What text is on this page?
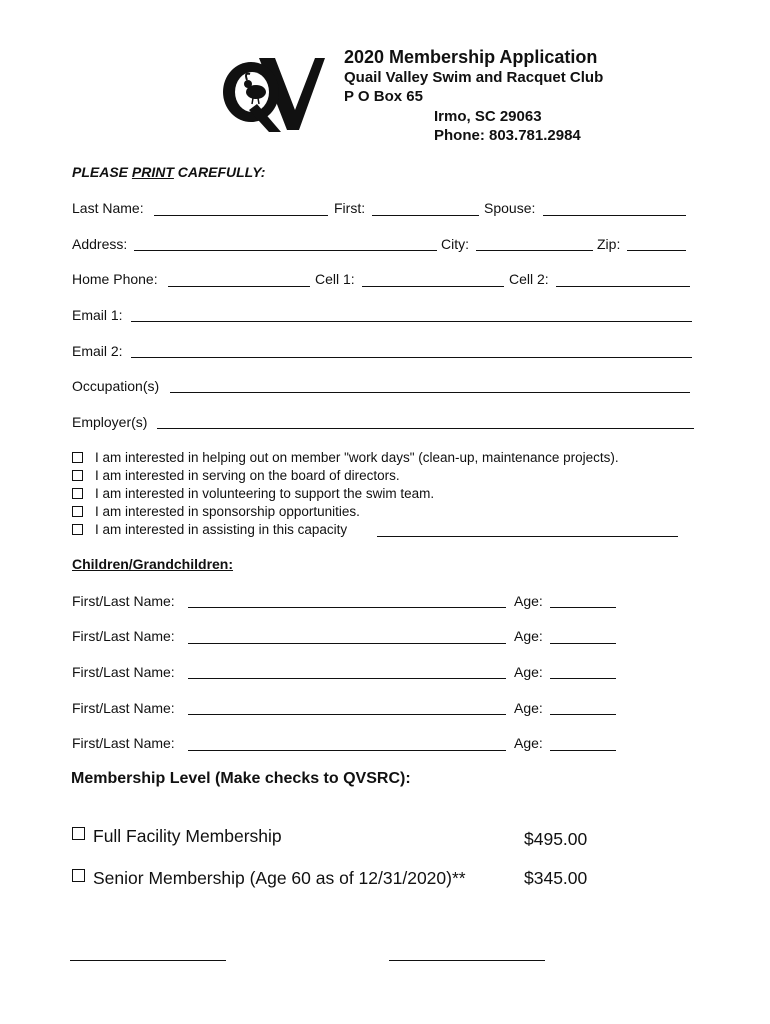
2020 Membership Application
Quail Valley Swim and Racquet Club
P O Box 65
Irmo, SC 29063
Phone: 803.781.2984
PLEASE PRINT CAREFULLY:
Last Name:	First:	Spouse:
Address:	City:	Zip:
Home Phone:	Cell 1:	Cell 2:
Email 1:
Email 2:
Occupation(s)
Employer(s)
I am interested in helping out on member "work days" (clean-up, maintenance projects).
I am interested in serving on the board of directors.
I am interested in volunteering to support the swim team.
I am interested in sponsorship opportunities.
I am interested in assisting in this capacity
Children/Grandchildren:
First/Last Name:	Age:
First/Last Name:	Age:
First/Last Name:	Age:
First/Last Name:	Age:
First/Last Name:	Age:
Membership Level (Make checks to QVSRC):
Full Facility Membership	$495.00
Senior Membership (Age 60 as of 12/31/2020)**	$345.00
